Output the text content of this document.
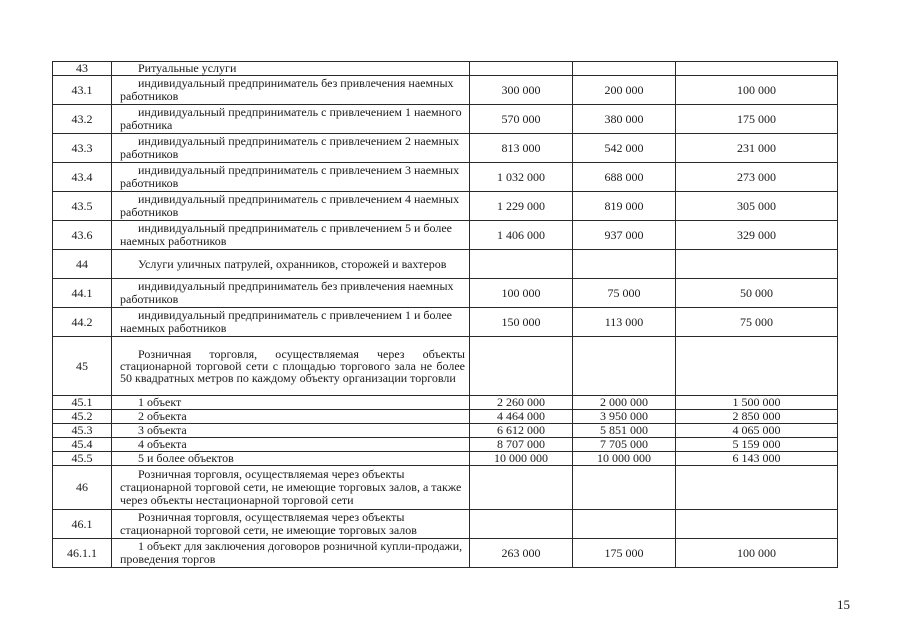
43	Ритуальные услуги			
43.1	индивидуальный предприниматель без привлечения наемных работников	300 000	200 000	100 000
43.2	индивидуальный предприниматель с привлечением 1 наемного работника	570 000	380 000	175 000
43.3	индивидуальный предприниматель с привлечением 2 наемных работников	813 000	542 000	231 000
43.4	индивидуальный предприниматель с привлечением 3 наемных работников	1 032 000	688 000	273 000
43.5	индивидуальный предприниматель с привлечением 4 наемных работников	1 229 000	819 000	305 000
43.6	индивидуальный предприниматель с привлечением 5 и более наемных работников	1 406 000	937 000	329 000
44	Услуги уличных патрулей, охранников, сторожей и вахтеров			
44.1	индивидуальный предприниматель без привлечения наемных работников	100 000	75 000	50 000
44.2	индивидуальный предприниматель с привлечением 1 и более наемных работников	150 000	113 000	75 000
45	Розничная торговля, осуществляемая через объекты стационарной торговой сети с площадью торгового зала не более 50 квадратных метров по каждому объекту организации торговли			
45.1	1 объект	2 260 000	2 000 000	1 500 000
45.2	2 объекта	4 464 000	3 950 000	2 850 000
45.3	3 объекта	6 612 000	5 851 000	4 065 000
45.4	4 объекта	8 707 000	7 705 000	5 159 000
45.5	5 и более объектов	10 000 000	10 000 000	6 143 000
46	Розничная торговля, осуществляемая через объекты стационарной торговой сети, не имеющие торговых залов, а также через объекты нестационарной торговой сети			
46.1	Розничная торговля, осуществляемая через объекты стационарной торговой сети, не имеющие торговых залов			
46.1.1	1 объект для заключения договоров розничной купли-продажи, проведения торгов	263 000	175 000	100 000
15
